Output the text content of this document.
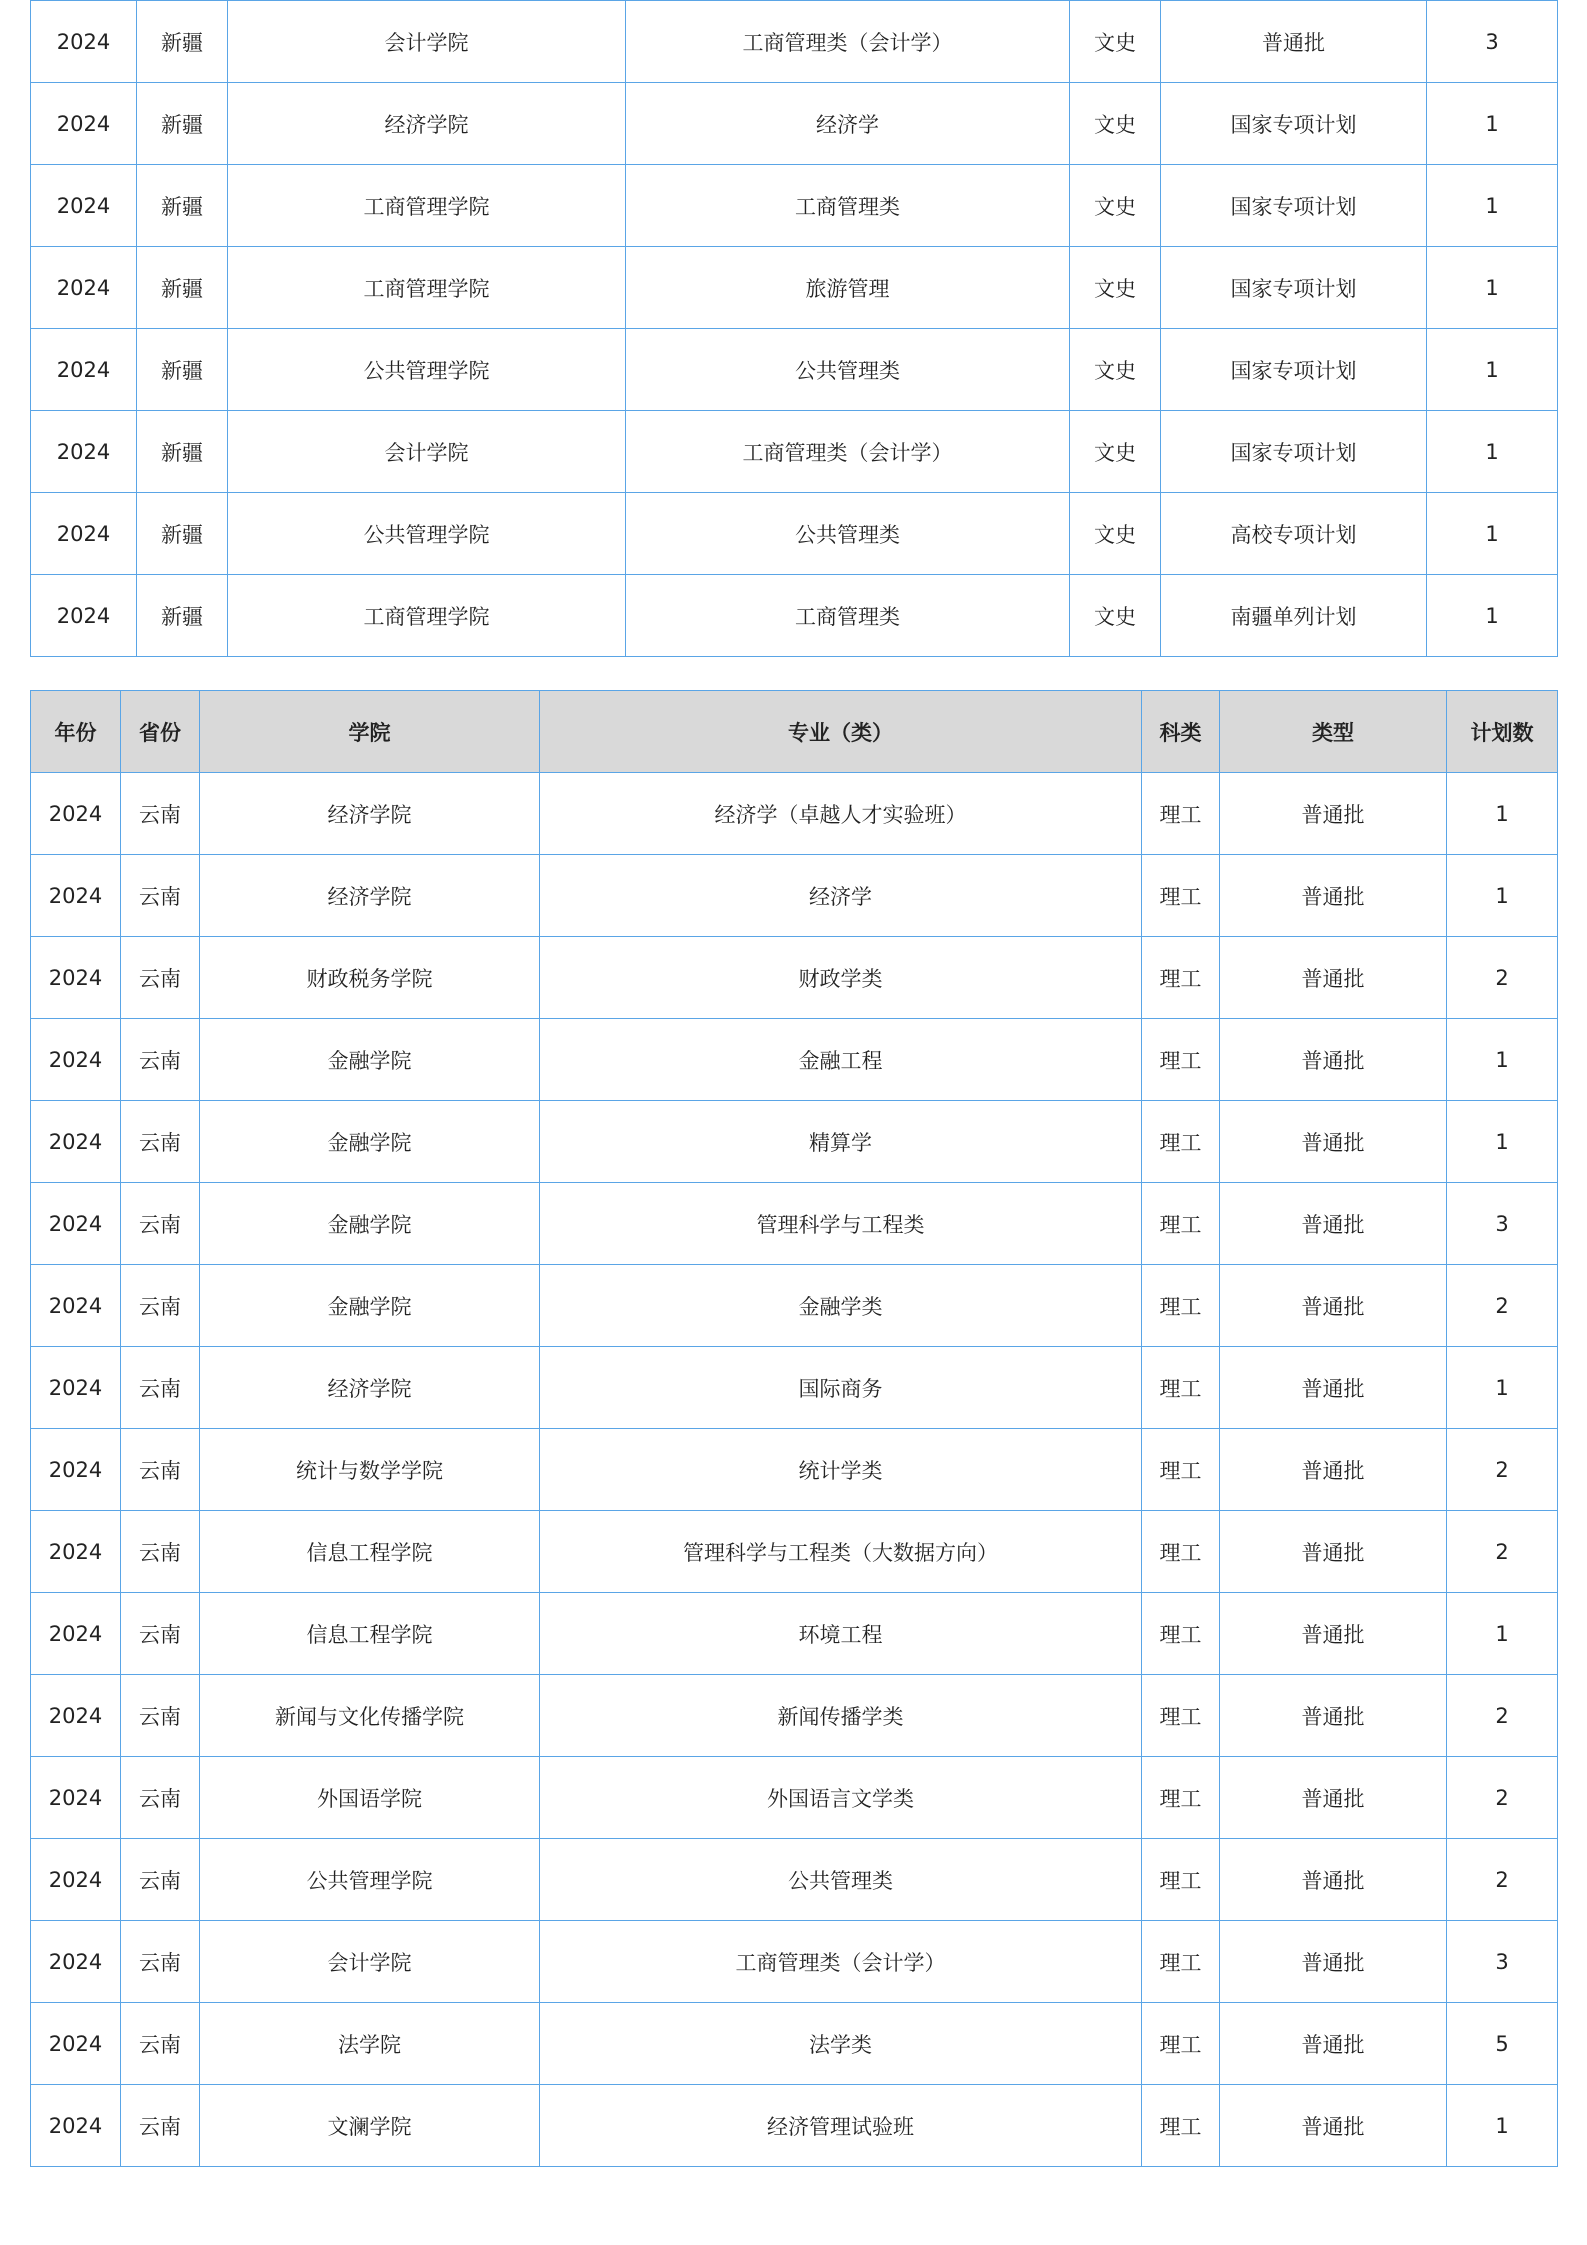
2024	新疆	会计学院	工商管理类（会计学）	文史	普通批	3
2024	新疆	经济学院	经济学	文史	国家专项计划	1
2024	新疆	工商管理学院	工商管理类	文史	国家专项计划	1
2024	新疆	工商管理学院	旅游管理	文史	国家专项计划	1
2024	新疆	公共管理学院	公共管理类	文史	国家专项计划	1
2024	新疆	会计学院	工商管理类（会计学）	文史	国家专项计划	1
2024	新疆	公共管理学院	公共管理类	文史	高校专项计划	1
2024	新疆	工商管理学院	工商管理类	文史	南疆单列计划	1
年份	省份	学院	专业（类）	科类	类型	计划数
2024	云南	经济学院	经济学（卓越人才实验班）	理工	普通批	1
2024	云南	经济学院	经济学	理工	普通批	1
2024	云南	财政税务学院	财政学类	理工	普通批	2
2024	云南	金融学院	金融工程	理工	普通批	1
2024	云南	金融学院	精算学	理工	普通批	1
2024	云南	金融学院	管理科学与工程类	理工	普通批	3
2024	云南	金融学院	金融学类	理工	普通批	2
2024	云南	经济学院	国际商务	理工	普通批	1
2024	云南	统计与数学学院	统计学类	理工	普通批	2
2024	云南	信息工程学院	管理科学与工程类（大数据方向）	理工	普通批	2
2024	云南	信息工程学院	环境工程	理工	普通批	1
2024	云南	新闻与文化传播学院	新闻传播学类	理工	普通批	2
2024	云南	外国语学院	外国语言文学类	理工	普通批	2
2024	云南	公共管理学院	公共管理类	理工	普通批	2
2024	云南	会计学院	工商管理类（会计学）	理工	普通批	3
2024	云南	法学院	法学类	理工	普通批	5
2024	云南	文澜学院	经济管理试验班	理工	普通批	1
